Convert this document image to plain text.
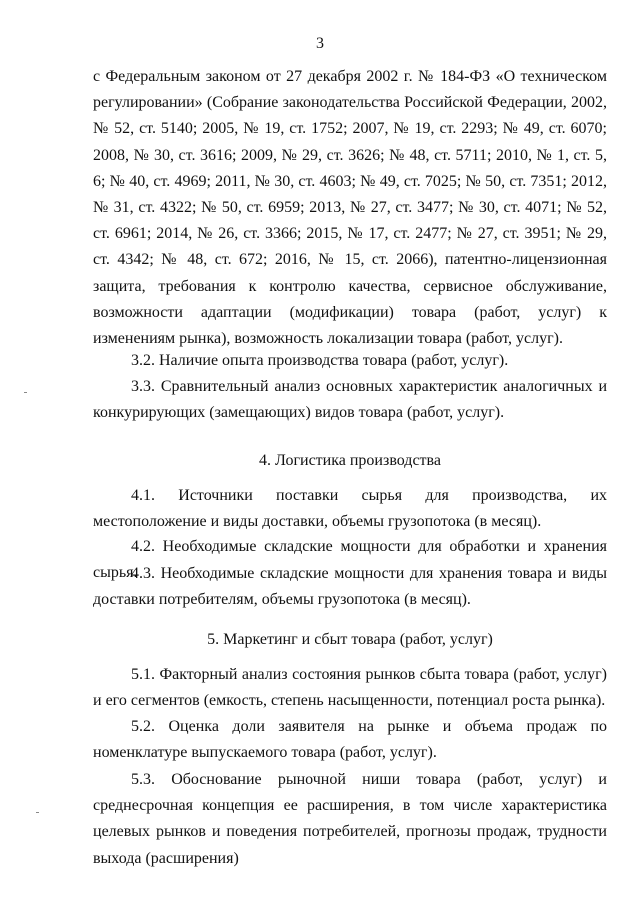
3

с Федеральным законом от 27 декабря 2002 г. № 184-ФЗ «О техническом регулировании» (Собрание законодательства Российской Федерации, 2002, № 52, ст. 5140; 2005, № 19, ст. 1752; 2007, № 19, ст. 2293; № 49, ст. 6070; 2008, № 30, ст. 3616; 2009, № 29, ст. 3626; № 48, ст. 5711; 2010, № 1, ст. 5, 6; № 40, ст. 4969; 2011, № 30, ст. 4603; № 49, ст. 7025; № 50, ст. 7351; 2012, № 31, ст. 4322; № 50, ст. 6959; 2013, № 27, ст. 3477; № 30, ст. 4071; № 52, ст. 6961; 2014, № 26, ст. 3366; 2015, № 17, ст. 2477; № 27, ст. 3951; № 29, ст. 4342; № 48, ст. 672; 2016, № 15, ст. 2066), патентно-лицензионная защита, требования к контролю качества, сервисное обслуживание, возможности адаптации (модификации) товара (работ, услуг) к изменениям рынка), возможность локализации товара (работ, услуг).

3.2. Наличие опыта производства товара (работ, услуг).

3.3. Сравнительный анализ основных характеристик аналогичных и конкурирующих (замещающих) видов товара (работ, услуг).

4. Логистика производства

4.1. Источники поставки сырья для производства, их местоположение и виды доставки, объемы грузопотока (в месяц).

4.2. Необходимые складские мощности для обработки и хранения сырья.

4.3. Необходимые складские мощности для хранения товара и виды доставки потребителям, объемы грузопотока (в месяц).

5. Маркетинг и сбыт товара (работ, услуг)

5.1. Факторный анализ состояния рынков сбыта товара (работ, услуг) и его сегментов (емкость, степень насыщенности, потенциал роста рынка).

5.2. Оценка доли заявителя на рынке и объема продаж по номенклатуре выпускаемого товара (работ, услуг).

5.3. Обоснование рыночной ниши товара (работ, услуг) и среднесрочная концепция ее расширения, в том числе характеристика целевых рынков и поведения потребителей, прогнозы продаж, трудности выхода (расширения)
